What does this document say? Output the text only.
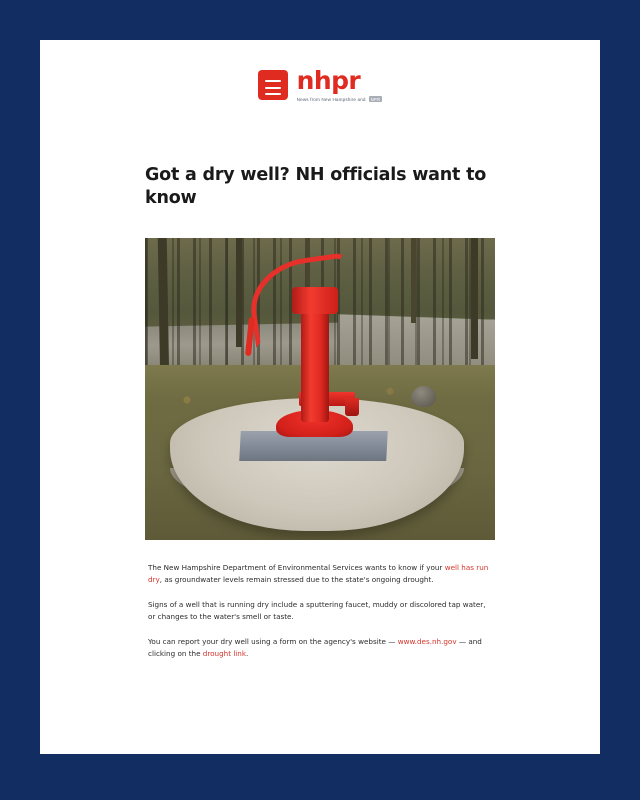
nhpr
News from New Hampshire and	NPR
Got a dry well? NH officials want to know

The New Hampshire Department of Environmental Services wants to know if your well has run dry, as groundwater levels remain stressed due to the state's ongoing drought.

Signs of a well that is running dry include a sputtering faucet, muddy or discolored tap water, or changes to the water's smell or taste.

You can report your dry well using a form on the agency's website — www.des.nh.gov — and clicking on the drought link.
